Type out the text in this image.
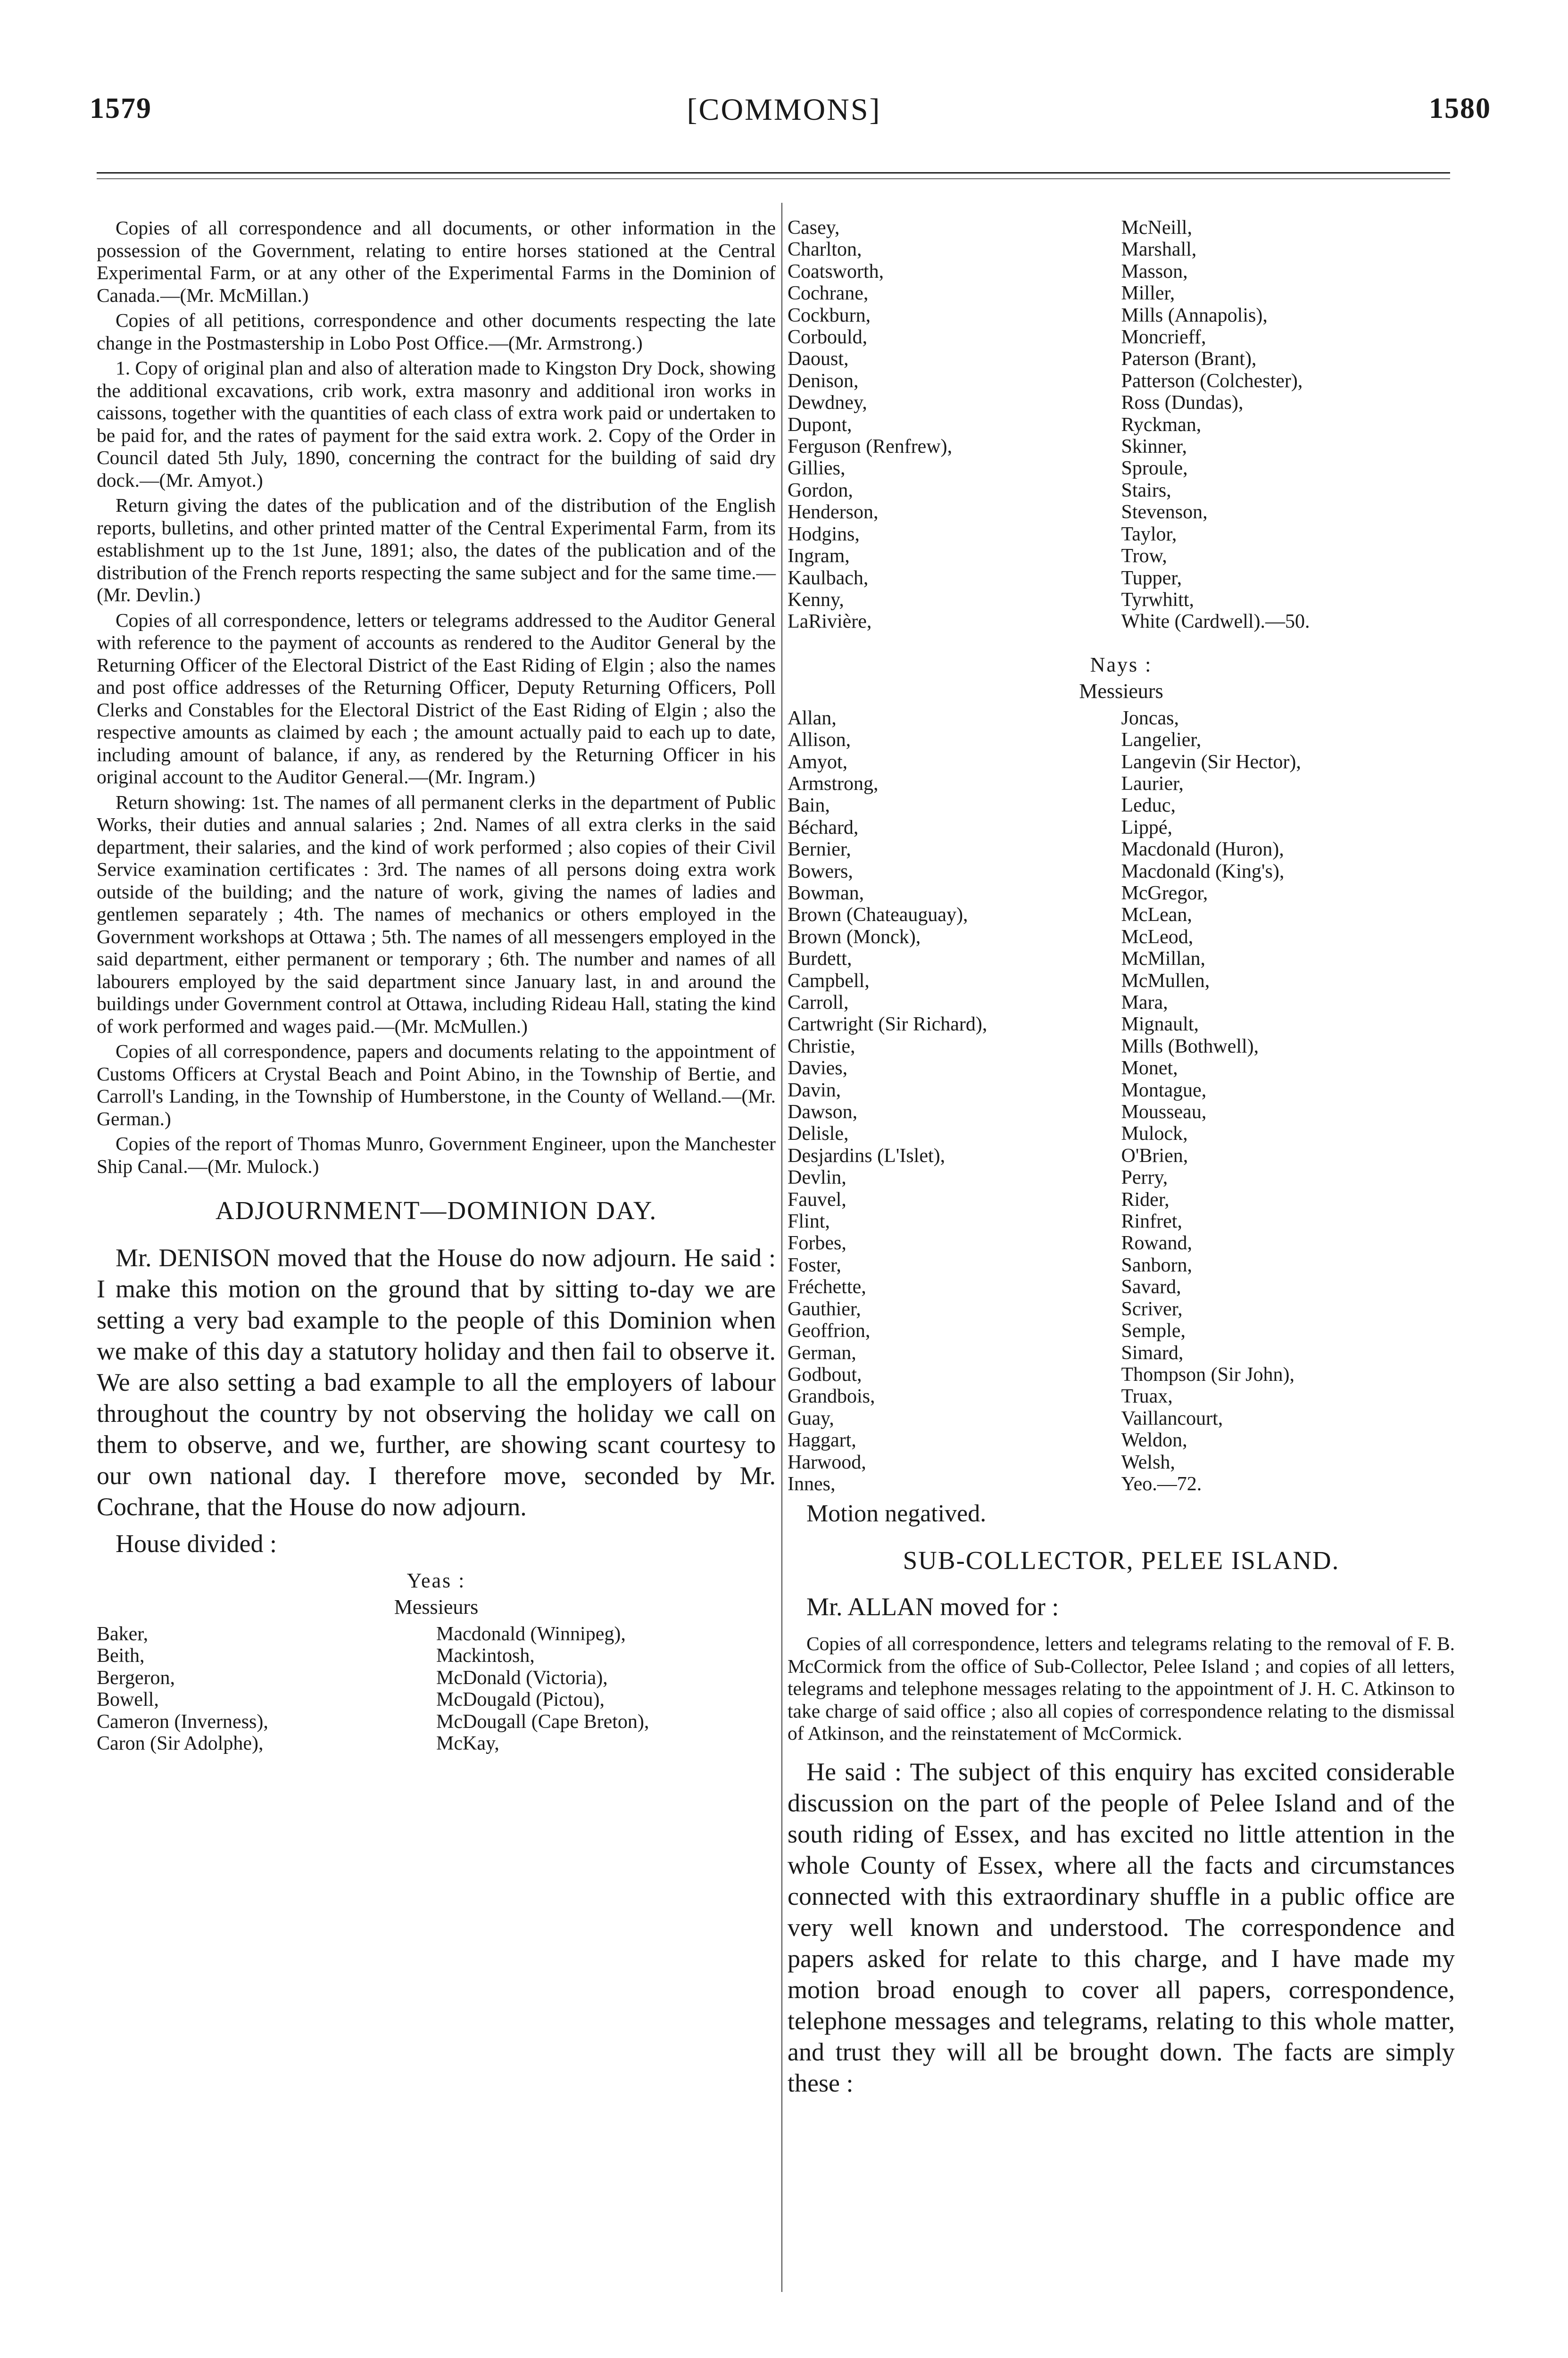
1579	[COMMONS]	1580

Copies of all correspondence and all documents, or other information in the possession of the Government, relating to entire horses stationed at the Central Experimental Farm, or at any other of the Experimental Farms in the Dominion of Canada.—(Mr. McMillan.)

Copies of all petitions, correspondence and other documents respecting the late change in the Postmastership in Lobo Post Office.—(Mr. Armstrong.)

1. Copy of original plan and also of alteration made to Kingston Dry Dock, showing the additional excavations, crib work, extra masonry and additional iron works in caissons, together with the quantities of each class of extra work paid or undertaken to be paid for, and the rates of payment for the said extra work. 2. Copy of the Order in Council dated 5th July, 1890, concerning the contract for the building of said dry dock.—(Mr. Amyot.)

Return giving the dates of the publication and of the distribution of the English reports, bulletins, and other printed matter of the Central Experimental Farm, from its establishment up to the 1st June, 1891; also, the dates of the publication and of the distribution of the French reports respecting the same subject and for the same time.—(Mr. Devlin.)

Copies of all correspondence, letters or telegrams addressed to the Auditor General with reference to the payment of accounts as rendered to the Auditor General by the Returning Officer of the Electoral District of the East Riding of Elgin ; also the names and post office addresses of the Returning Officer, Deputy Returning Officers, Poll Clerks and Constables for the Electoral District of the East Riding of Elgin ; also the respective amounts as claimed by each ; the amount actually paid to each up to date, including amount of balance, if any, as rendered by the Returning Officer in his original account to the Auditor General.—(Mr. Ingram.)

Return showing: 1st. The names of all permanent clerks in the department of Public Works, their duties and annual salaries ; 2nd. Names of all extra clerks in the said department, their salaries, and the kind of work performed ; also copies of their Civil Service examination certificates : 3rd. The names of all persons doing extra work outside of the building; and the nature of work, giving the names of ladies and gentlemen separately ; 4th. The names of mechanics or others employed in the Government workshops at Ottawa ; 5th. The names of all messengers employed in the said department, either permanent or temporary ; 6th. The number and names of all labourers employed by the said department since January last, in and around the buildings under Government control at Ottawa, including Rideau Hall, stating the kind of work performed and wages paid.—(Mr. McMullen.)

Copies of all correspondence, papers and documents relating to the appointment of Customs Officers at Crystal Beach and Point Abino, in the Township of Bertie, and Carroll's Landing, in the Township of Humberstone, in the County of Welland.—(Mr. German.)

Copies of the report of Thomas Munro, Government Engineer, upon the Manchester Ship Canal.—(Mr. Mulock.)

ADJOURNMENT—DOMINION DAY.

Mr. DENISON moved that the House do now adjourn. He said : I make this motion on the ground that by sitting to-day we are setting a very bad example to the people of this Dominion when we make of this day a statutory holiday and then fail to observe it. We are also setting a bad example to all the employers of labour throughout the country by not observing the holiday we call on them to observe, and we, further, are showing scant courtesy to our own national day. I therefore move, seconded by Mr. Cochrane, that the House do now adjourn.

House divided :

Yeas :

Messieurs

Baker,	Macdonald (Winnipeg),
Beith,	Mackintosh,
Bergeron,	McDonald (Victoria),
Bowell,	McDougald (Pictou),
Cameron (Inverness),	McDougall (Cape Breton),
Caron (Sir Adolphe),	McKay,
Casey,	McNeill,
Charlton,	Marshall,
Coatsworth,	Masson,
Cochrane,	Miller,
Cockburn,	Mills (Annapolis),
Corbould,	Moncrieff,
Daoust,	Paterson (Brant),
Denison,	Patterson (Colchester),
Dewdney,	Ross (Dundas),
Dupont,	Ryckman,
Ferguson (Renfrew),	Skinner,
Gillies,	Sproule,
Gordon,	Stairs,
Henderson,	Stevenson,
Hodgins,	Taylor,
Ingram,	Trow,
Kaulbach,	Tupper,
Kenny,	Tyrwhitt,
LaRivière,	White (Cardwell).—50.

Nays :

Messieurs

Allan,	Joncas,
Allison,	Langelier,
Amyot,	Langevin (Sir Hector),
Armstrong,	Laurier,
Bain,	Leduc,
Béchard,	Lippé,
Bernier,	Macdonald (Huron),
Bowers,	Macdonald (King's),
Bowman,	McGregor,
Brown (Chateauguay),	McLean,
Brown (Monck),	McLeod,
Burdett,	McMillan,
Campbell,	McMullen,
Carroll,	Mara,
Cartwright (Sir Richard),	Mignault,
Christie,	Mills (Bothwell),
Davies,	Monet,
Davin,	Montague,
Dawson,	Mousseau,
Delisle,	Mulock,
Desjardins (L'Islet),	O'Brien,
Devlin,	Perry,
Fauvel,	Rider,
Flint,	Rinfret,
Forbes,	Rowand,
Foster,	Sanborn,
Fréchette,	Savard,
Gauthier,	Scriver,
Geoffrion,	Semple,
German,	Simard,
Godbout,	Thompson (Sir John),
Grandbois,	Truax,
Guay,	Vaillancourt,
Haggart,	Weldon,
Harwood,	Welsh,
Innes,	Yeo.—72.

Motion negatived.

SUB-COLLECTOR, PELEE ISLAND.

Mr. ALLAN moved for :

Copies of all correspondence, letters and telegrams relating to the removal of F. B. McCormick from the office of Sub-Collector, Pelee Island ; and copies of all letters, telegrams and telephone messages relating to the appointment of J. H. C. Atkinson to take charge of said office ; also all copies of correspondence relating to the dismissal of Atkinson, and the reinstatement of McCormick.

He said : The subject of this enquiry has excited considerable discussion on the part of the people of Pelee Island and of the south riding of Essex, and has excited no little attention in the whole County of Essex, where all the facts and circumstances connected with this extraordinary shuffle in a public office are very well known and understood. The correspondence and papers asked for relate to this charge, and I have made my motion broad enough to cover all papers, correspondence, telephone messages and telegrams, relating to this whole matter, and trust they will all be brought down. The facts are simply these :
